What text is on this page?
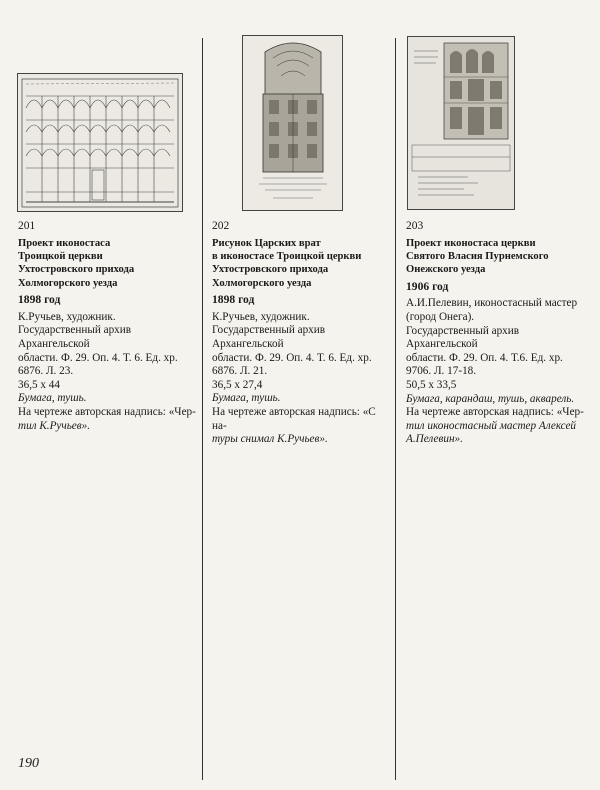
201

Проект иконостаса

Троицкой церкви

Ухтостровского прихода

Холмогорского уезда

1898 год

К.Ручьев, художник.

Государственный архив Архангельской

области. Ф. 29. Оп. 4. Т. 6. Ед. хр.

6876. Л. 23.

36,5 х 44

Бумага, тушь.

На чертеже авторская надпись: «Чер-

тил К.Ручьев».

202

Рисунок Царских врат

в иконостасе Троицкой церкви

Ухтостровского прихода

Холмогорского уезда

1898 год

К.Ручьев, художник.

Государственный архив Архангельской

области. Ф. 29. Оп. 4. Т. 6. Ед. хр.

6876. Л. 21.

36,5 х 27,4

Бумага, тушь.

На чертеже авторская надпись: «С на-

туры снимал К.Ручьев».

203

Проект иконостаса церкви

Святого Власия Пурнемского

Онежского уезда

1906 год

А.И.Пелевин, иконостасный мастер

(город Онега).

Государственный архив Архангельской

области. Ф. 29. Оп. 4. Т.6. Ед. хр.

9706. Л. 17-18.

50,5 х 33,5

Бумага, карандаш, тушь, акварель.

На чертеже авторская надпись: «Чер-

тил иконостасный мастер Алексей

А.Пелевин».

190
